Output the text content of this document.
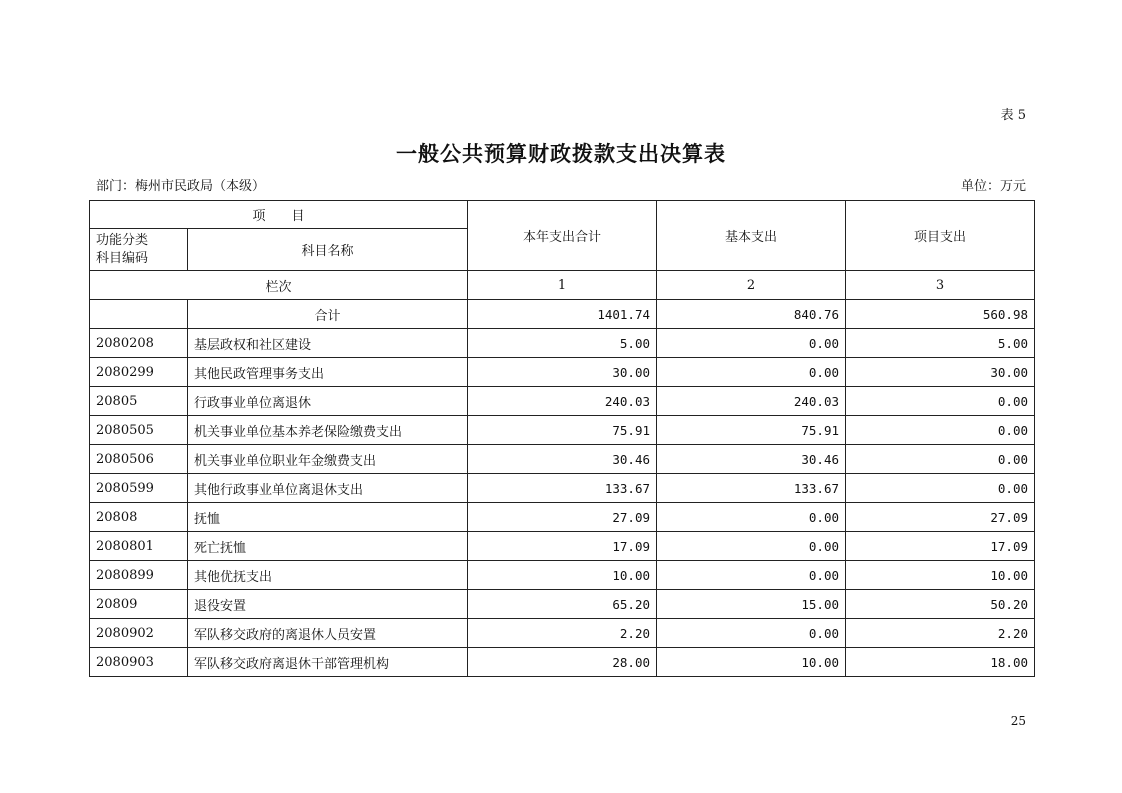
表 5
一般公共预算财政拨款支出决算表
部门：梅州市民政局（本级）	单位：万元
项　　目		本年支出合计	基本支出	项目支出
功能分类
科目编码	科目名称			
栏次		1	2	3
	合计	1401.74	840.76	560.98
2080208	基层政权和社区建设	5.00	0.00	5.00
2080299	其他民政管理事务支出	30.00	0.00	30.00
20805	行政事业单位离退休	240.03	240.03	0.00
2080505	机关事业单位基本养老保险缴费支出	75.91	75.91	0.00
2080506	机关事业单位职业年金缴费支出	30.46	30.46	0.00
2080599	其他行政事业单位离退休支出	133.67	133.67	0.00
20808	抚恤	27.09	0.00	27.09
2080801	死亡抚恤	17.09	0.00	17.09
2080899	其他优抚支出	10.00	0.00	10.00
20809	退役安置	65.20	15.00	50.20
2080902	军队移交政府的离退休人员安置	2.20	0.00	2.20
2080903	军队移交政府离退休干部管理机构	28.00	10.00	18.00
25
